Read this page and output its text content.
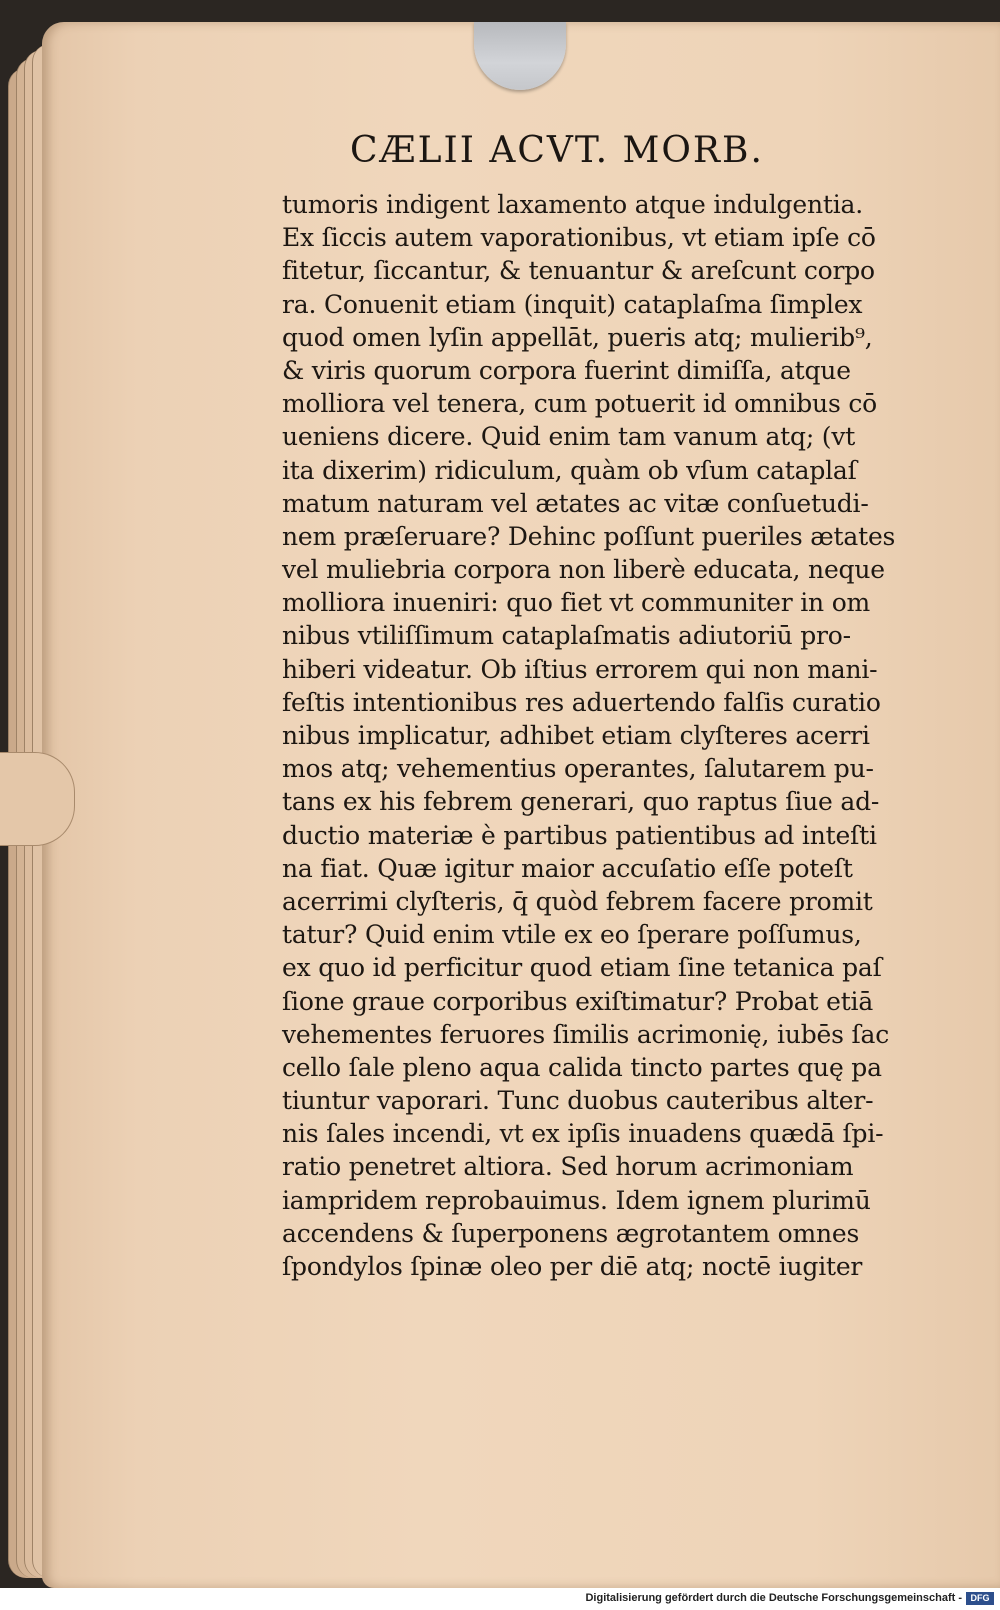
CÆLII ACVT. MORB.
tumoris indigent laxamento atque indulgentia.
Ex ſiccis autem vaporationibus, vt etiam ipſe cō
fitetur, ſiccantur, & tenuantur & areſcunt corpo
ra. Conuenit etiam (inquit) cataplaſma ſimplex
quod omen lyſin appellāt, pueris atq; mulierib⁹,
& viris quorum corpora fuerint dimiſſa, atque
molliora vel tenera, cum potuerit id omnibus cō
ueniens dicere. Quid enim tam vanum atq; (vt
ita dixerim) ridiculum, quàm ob vſum cataplaſ
matum naturam vel ætates ac vitæ conſuetudi-
nem præſeruare? Dehinc poſſunt pueriles ætates
vel muliebria corpora non liberè educata, neque
molliora inueniri: quo fiet vt communiter in om
nibus vtiliſſimum cataplaſmatis adiutoriū pro-
hiberi videatur. Ob iſtius errorem qui non mani-
feſtis intentionibus res aduertendo falſis curatio
nibus implicatur, adhibet etiam clyſteres acerri
mos atq; vehementius operantes, ſalutarem pu-
tans ex his febrem generari, quo raptus ſiue ad-
ductio materiæ è partibus patientibus ad inteſti
na fiat. Quæ igitur maior accuſatio eſſe poteſt
acerrimi clyſteris, q̄ quòd febrem facere promit
tatur? Quid enim vtile ex eo ſperare poſſumus,
ex quo id perficitur quod etiam ſine tetanica paſ
ſione graue corporibus exiſtimatur? Probat etiā
vehementes feruores ſimilis acrimonię, iubēs ſac
cello ſale pleno aqua calida tincto partes quę pa
tiuntur vaporari. Tunc duobus cauteribus alter-
nis ſales incendi, vt ex ipſis inuadens quædā ſpi-
ratio penetret altiora. Sed horum acrimoniam
iampridem reprobauimus. Idem ignem plurimū
accendens & ſuperponens ægrotantem omnes
ſpondylos ſpinæ oleo per diē atq; noctē iugiter
Digitalisierung gefördert durch die Deutsche Forschungsgemeinschaft - DFG
